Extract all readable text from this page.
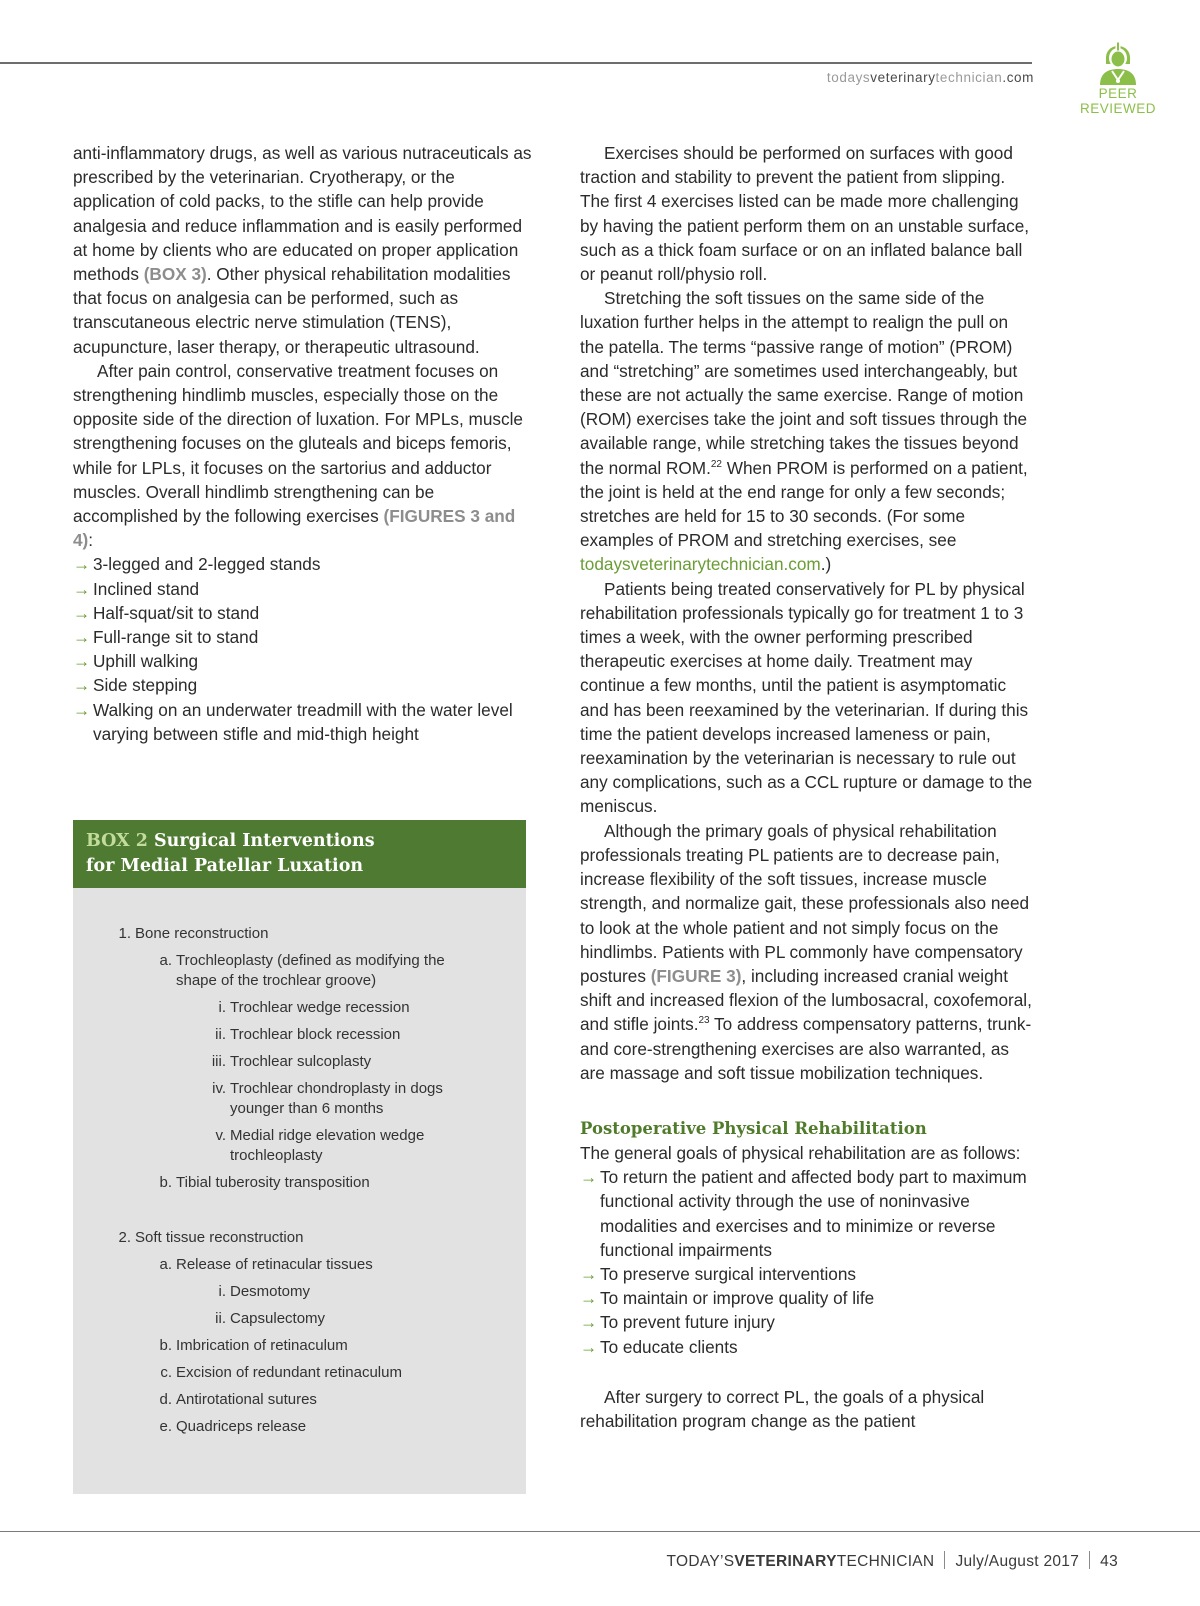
todaysveterinarytechnician.com
PEER
REVIEWED

anti-inflammatory drugs, as well as various nutraceuticals as prescribed by the veterinarian. Cryotherapy, or the application of cold packs, to the stifle can help provide analgesia and reduce inflammation and is easily performed at home by clients who are educated on proper application methods (BOX 3). Other physical rehabilitation modalities that focus on analgesia can be performed, such as transcutaneous electric nerve stimulation (TENS), acupuncture, laser therapy, or therapeutic ultrasound.

After pain control, conservative treatment focuses on strengthening hindlimb muscles, especially those on the opposite side of the direction of luxation. For MPLs, muscle strengthening focuses on the gluteals and biceps femoris, while for LPLs, it focuses on the sartorius and adductor muscles. Overall hindlimb strengthening can be accomplished by the following exercises (FIGURES 3 and 4):

→ 3-legged and 2-legged stands
→ Inclined stand
→ Half-squat/sit to stand
→ Full-range sit to stand
→ Uphill walking
→ Side stepping
→ Walking on an underwater treadmill with the water level varying between stifle and mid-thigh height
BOX 2 Surgical Interventions
for Medial Patellar Luxation
1. Bone reconstruction
a. Trochleoplasty (defined as modifying the shape of the trochlear groove)
i. Trochlear wedge recession
ii. Trochlear block recession
iii. Trochlear sulcoplasty
iv. Trochlear chondroplasty in dogs younger than 6 months
v. Medial ridge elevation wedge trochleoplasty
b. Tibial tuberosity transposition
2. Soft tissue reconstruction
a. Release of retinacular tissues
i. Desmotomy
ii. Capsulectomy
b. Imbrication of retinaculum
c. Excision of redundant retinaculum
d. Antirotational sutures
e. Quadriceps release

Exercises should be performed on surfaces with good traction and stability to prevent the patient from slipping. The first 4 exercises listed can be made more challenging by having the patient perform them on an unstable surface, such as a thick foam surface or on an inflated balance ball or peanut roll/physio roll.

Stretching the soft tissues on the same side of the luxation further helps in the attempt to realign the pull on the patella. The terms “passive range of motion” (PROM) and “stretching” are sometimes used interchangeably, but these are not actually the same exercise. Range of motion (ROM) exercises take the joint and soft tissues through the available range, while stretching takes the tissues beyond the normal ROM.$^{22}$ When PROM is performed on a patient, the joint is held at the end range for only a few seconds; stretches are held for 15 to 30 seconds. (For some examples of PROM and stretching exercises, see todaysveterinarytechnician.com.)

Patients being treated conservatively for PL by physical rehabilitation professionals typically go for treatment 1 to 3 times a week, with the owner performing prescribed therapeutic exercises at home daily. Treatment may continue a few months, until the patient is asymptomatic and has been reexamined by the veterinarian. If during this time the patient develops increased lameness or pain, reexamination by the veterinarian is necessary to rule out any complications, such as a CCL rupture or damage to the meniscus.

Although the primary goals of physical rehabilitation professionals treating PL patients are to decrease pain, increase flexibility of the soft tissues, increase muscle strength, and normalize gait, these professionals also need to look at the whole patient and not simply focus on the hindlimbs. Patients with PL commonly have compensatory postures (FIGURE 3), including increased cranial weight shift and increased flexion of the lumbosacral, coxofemoral, and stifle joints.$^{23}$ To address compensatory patterns, trunk- and core-strengthening exercises are also warranted, as are massage and soft tissue mobilization techniques.

Postoperative Physical Rehabilitation

The general goals of physical rehabilitation are as follows:

→ To return the patient and affected body part to maximum functional activity through the use of noninvasive modalities and exercises and to minimize or reverse functional impairments
→ To preserve surgical interventions
→ To maintain or improve quality of life
→ To prevent future injury
→ To educate clients

After surgery to correct PL, the goals of a physical rehabilitation program change as the patient

TODAY’SVETERINARYTECHNICIAN July/August 2017 43
